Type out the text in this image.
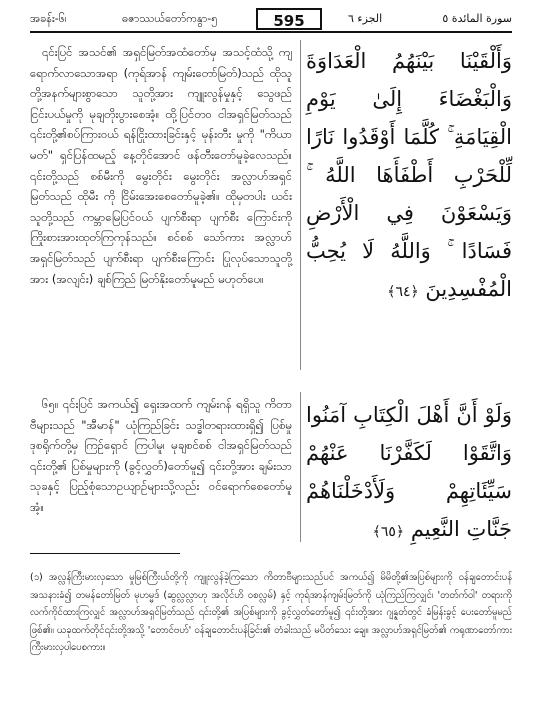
အခန်း-၆၊	ဓဇာဿယ်တော်ကနွာ-၅	595	الجزء ٦	سورة المائدة ٥

၎င်းပြင် အသင်၏ အရှင်မြတ်အထံတော်မှ အသင့်ထံသို့ ကျရောက်လာသောအရာ (ကုရ်အာန် ကျမ်းတော်မြတ်)သည် ထိုသူတို့အနက်များစွာသော သူတို့အား ကျူးလွန်မှုနှင့် သွေဖည်ငြင်းပယ်မှုကို မုချတိုးပွားစေအံ့။ ထို့ပြင်တဝ ငါအရှင်မြတ်သည် ၎င်းတို့၏စပ်ကြားဝယ် ရန်ငြိုးထားခြင်းနှင့် မုန်းတီး မှုကို "ကိယာမတ်" ရှင်ပြန်ထမည့် နေ့တိုင်အောင် ဖန်တီးတော်မူခဲ့လေသည်။ ၎င်းတို့သည် စစ်မီးကို မွေးတိုင်း မွေးတိုင်း အလ္လာဟ်အရှင်မြတ်သည် ထိုမီး ကို ငြိမ်းအေးစေတော်မူခဲ့၏။ ထိုမှတပါး ယင်း သူတို့သည် ကမ္ဘာမြေပြင်ဝယ် ပျက်စီးရာ ပျက်စီး ကြောင်းကို ကြိုးစားအားထုတ်ကြကုန်သည်။ စင်စစ် သော်ကား အလ္လာဟ်အရှင်မြတ်သည် ပျက်စီးရာ ပျက်စီးကြောင်း ပြုလုပ်သောသူတို့အား (အလျင်း) ချစ်ကြည် မြတ်နိုးတော်မူမည် မဟုတ်ပေ။

၆၅။ ၎င်းပြင် အကယ်၍ ရှေးအထက် ကျမ်းဂန် ရရှိသူ ကိတာဗီများသည် "အီမာန်" ယုံကြည်ခြင်း သဒ္ဓါတရားထားရှိ၍ ပြစ်မှုဒုစရိုက်တို့မှ ကြဉ်ရှောင် ကြပါမူ၊ မုချစင်စစ် ငါအရှင်မြတ်သည် ၎င်းတို့၏ ပြစ်မှုများကို (ခွင့်လွှတ်)တော်မူ၍ ၎င်းတို့အား ချမ်းသာသုခနှင့် ပြည့်စုံသောဥယျာဉ်များသို့လည်း ဝင်ရောက်စေတော်မူအံ့။

وَأَلْقَيْنَا بَيْنَهُمُ الْعَدَاوَةَ وَالْبَغْضَاءَ إِلَىٰ يَوْمِ الْقِيَامَةِ ۚ كُلَّمَا أَوْقَدُوا نَارًا لِّلْحَرْبِ أَطْفَأَهَا اللَّهُ ۚ وَيَسْعَوْنَ فِي الْأَرْضِ فَسَادًا ۚ وَاللَّهُ لَا يُحِبُّ الْمُفْسِدِينَ ﴿٦٤﴾
وَلَوْ أَنَّ أَهْلَ الْكِتَابِ آمَنُوا وَاتَّقَوْا لَكَفَّرْنَا عَنْهُمْ سَيِّئَاتِهِمْ وَلَأَدْخَلْنَاهُمْ جَنَّاتِ النَّعِيمِ ﴿٦٥﴾
(၁) အလ္လန်ကြီးမားလှသော မှုမြစ်ကြီးယ်တို့ကို ကျူးလွန်ခဲ့ကြသော ကိတာဗီများသည်ပင် အကယ်၍ မိမိတို့၏အပြစ်များကို ဝန်ချတောင်းပန် အသနားခံ၍ တမန်တော်မြတ် မုဟမ္မဒ် (ဆွလ္လလ္လာဟု အလိုင်ဟိ ဝစလ္လမ်) နှင့် ကုရ်အာန်ကျမ်းမြတ်ကို ယုံကြည်ကြလျှင်၊ 'တတ်က်ဝါ' တရားကို လက်ကိုင်ထားကြလျှင် အလ္လာဟ်အရှင်မြတ်သည် ၎င်းတို့၏ အပြစ်များကို ခွင့်လွှတ်တော်မူ၍ ၎င်းတို့အား ဂျန္နတ်တွင် ခံမြန်းခွင့် ပေးတော်မူမည်ဖြစ်၏။ ယခုထက်တိုင်၎င်းတို့အသို့ 'တောင်ဗဟ်' ဝန်ချတောင်းပန်ခြင်း၏ တံခါးသည် မပိတ်သေး ချေ။ အလ္လာဟ်အရှင်မြတ်၏ ကရုဏာတော်ကား ကြီးမားလှပါပေစကား။
